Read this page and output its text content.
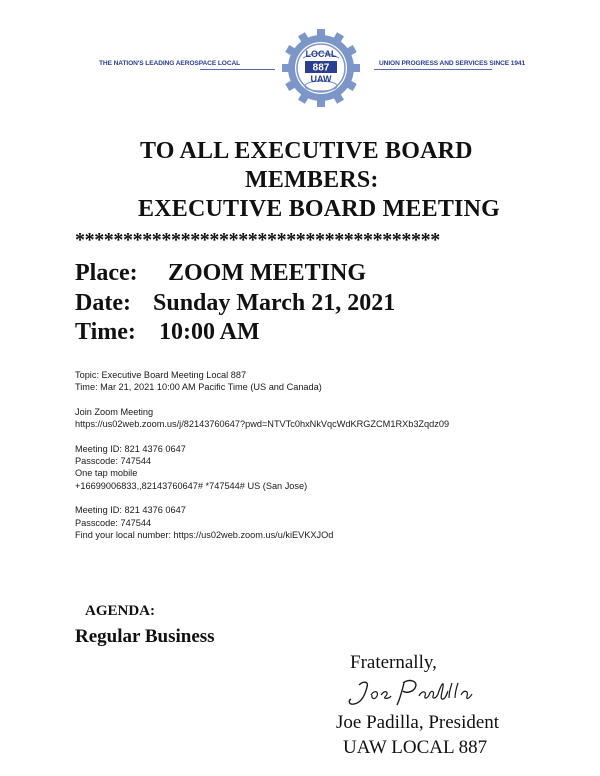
THE NATION'S LEADING AEROSPACE LOCAL	UNION PROGRESS AND SERVICES SINCE 1941
LOCAL
887
UAW
TO ALL EXECUTIVE BOARD
MEMBERS:
EXECUTIVE BOARD MEETING
**************************************
Place: ZOOM MEETING
Date: Sunday March 21, 2021
Time: 10:00 AM
Topic: Executive Board Meeting Local 887
Time: Mar 21, 2021 10:00 AM Pacific Time (US and Canada)
Join Zoom Meeting
https://us02web.zoom.us/j/82143760647?pwd=NTVTc0hxNkVqcWdKRGZCM1RXb3Zqdz09
Meeting ID: 821 4376 0647
Passcode: 747544
One tap mobile
+16699006833,,82143760647# *747544# US (San Jose)
Meeting ID: 821 4376 0647
Passcode: 747544
Find your local number: https://us02web.zoom.us/u/kiEVKXJOd
AGENDA:
Regular Business
Fraternally,
Joe Padilla, President
UAW LOCAL 887
